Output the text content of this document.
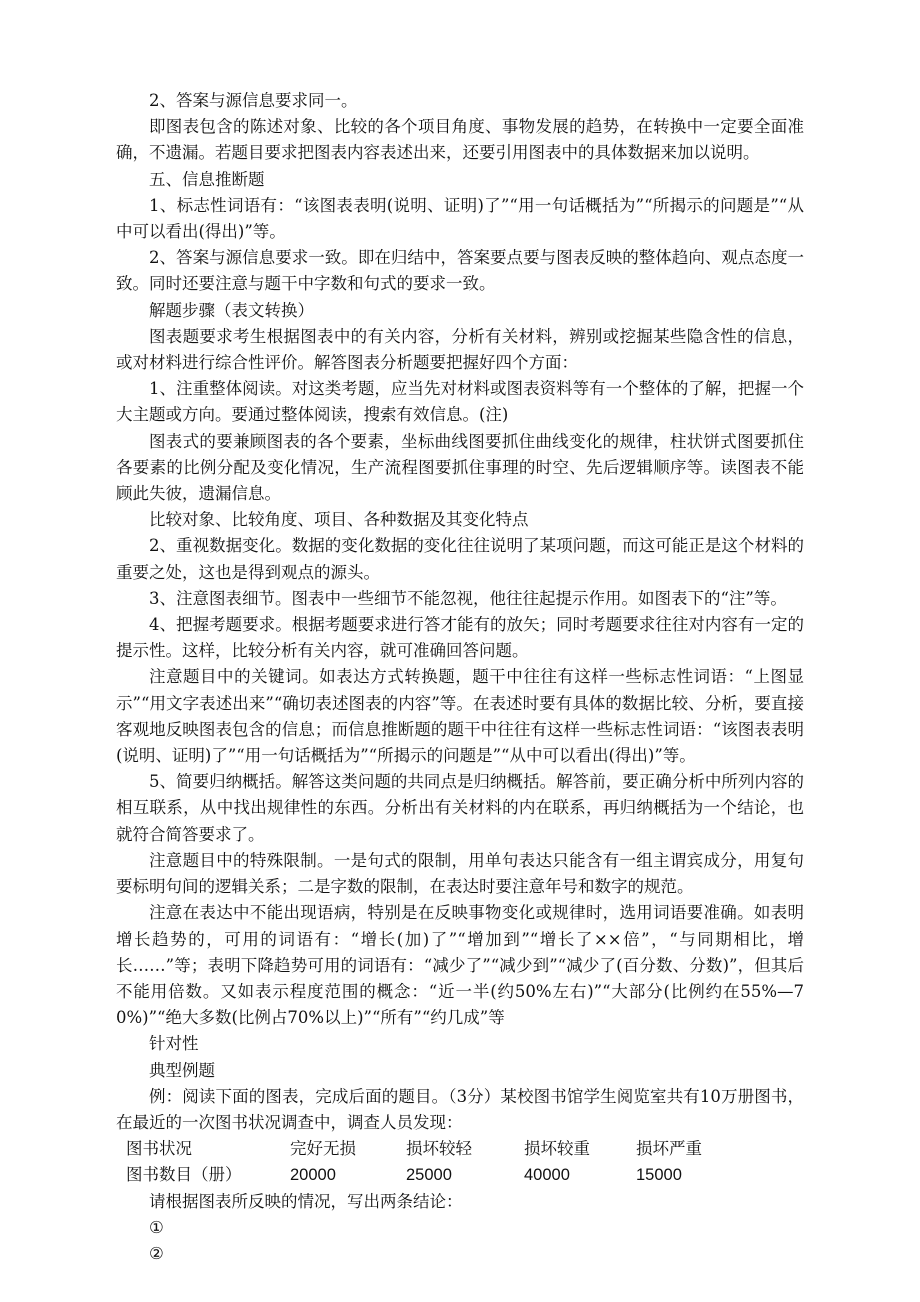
2、答案与源信息要求同一。

即图表包含的陈述对象、比较的各个项目角度、事物发展的趋势，在转换中一定要全面准确，不遗漏。若题目要求把图表内容表述出来，还要引用图表中的具体数据来加以说明。

五、信息推断题

1、标志性词语有：“该图表表明(说明、证明)了”“用一句话概括为”“所揭示的问题是”“从中可以看出(得出)”等。

2、答案与源信息要求一致。即在归结中，答案要点要与图表反映的整体趋向、观点态度一致。同时还要注意与题干中字数和句式的要求一致。

解题步骤（表文转换）

图表题要求考生根据图表中的有关内容，分析有关材料，辨别或挖掘某些隐含性的信息，或对材料进行综合性评价。解答图表分析题要把握好四个方面：

1、注重整体阅读。对这类考题，应当先对材料或图表资料等有一个整体的了解，把握一个大主题或方向。要通过整体阅读，搜索有效信息。(注)

图表式的要兼顾图表的各个要素，坐标曲线图要抓住曲线变化的规律，柱状饼式图要抓住各要素的比例分配及变化情况，生产流程图要抓住事理的时空、先后逻辑顺序等。读图表不能顾此失彼，遗漏信息。

比较对象、比较角度、项目、各种数据及其变化特点

2、重视数据变化。数据的变化数据的变化往往说明了某项问题，而这可能正是这个材料的重要之处，这也是得到观点的源头。

3、注意图表细节。图表中一些细节不能忽视，他往往起提示作用。如图表下的“注”等。

4、把握考题要求。根据考题要求进行答才能有的放矢；同时考题要求往往对内容有一定的提示性。这样，比较分析有关内容，就可准确回答问题。

注意题目中的关键词。如表达方式转换题，题干中往往有这样一些标志性词语：“上图显示”“用文字表述出来”“确切表述图表的内容”等。在表述时要有具体的数据比较、分析，要直接客观地反映图表包含的信息；而信息推断题的题干中往往有这样一些标志性词语：“该图表表明(说明、证明)了”“用一句话概括为”“所揭示的问题是”“从中可以看出(得出)”等。

5、简要归纳概括。解答这类问题的共同点是归纳概括。解答前，要正确分析中所列内容的相互联系，从中找出规律性的东西。分析出有关材料的内在联系，再归纳概括为一个结论，也就符合简答要求了。

注意题目中的特殊限制。一是句式的限制，用单句表达只能含有一组主谓宾成分，用复句要标明句间的逻辑关系；二是字数的限制，在表达时要注意年号和数字的规范。

注意在表达中不能出现语病，特别是在反映事物变化或规律时，选用词语要准确。如表明增长趋势的，可用的词语有：“增长(加)了”“增加到”“增长了××倍”，“与同期相比，增长……”等；表明下降趋势可用的词语有：“减少了”“减少到”“减少了(百分数、分数)”，但其后不能用倍数。又如表示程度范围的概念：“近一半(约50%左右)”“大部分(比例约在55%—70%)”“绝大多数(比例占70%以上)”“所有”“约几成”等

针对性

典型例题

例：阅读下面的图表，完成后面的题目。（3分）某校图书馆学生阅览室共有10万册图书，在最近的一次图书状况调查中，调查人员发现：

图书状况	完好无损	损坏较轻	损坏较重	损坏严重
图书数目（册）	20000	25000	40000	15000

请根据图表所反映的情况，写出两条结论：

①

②
